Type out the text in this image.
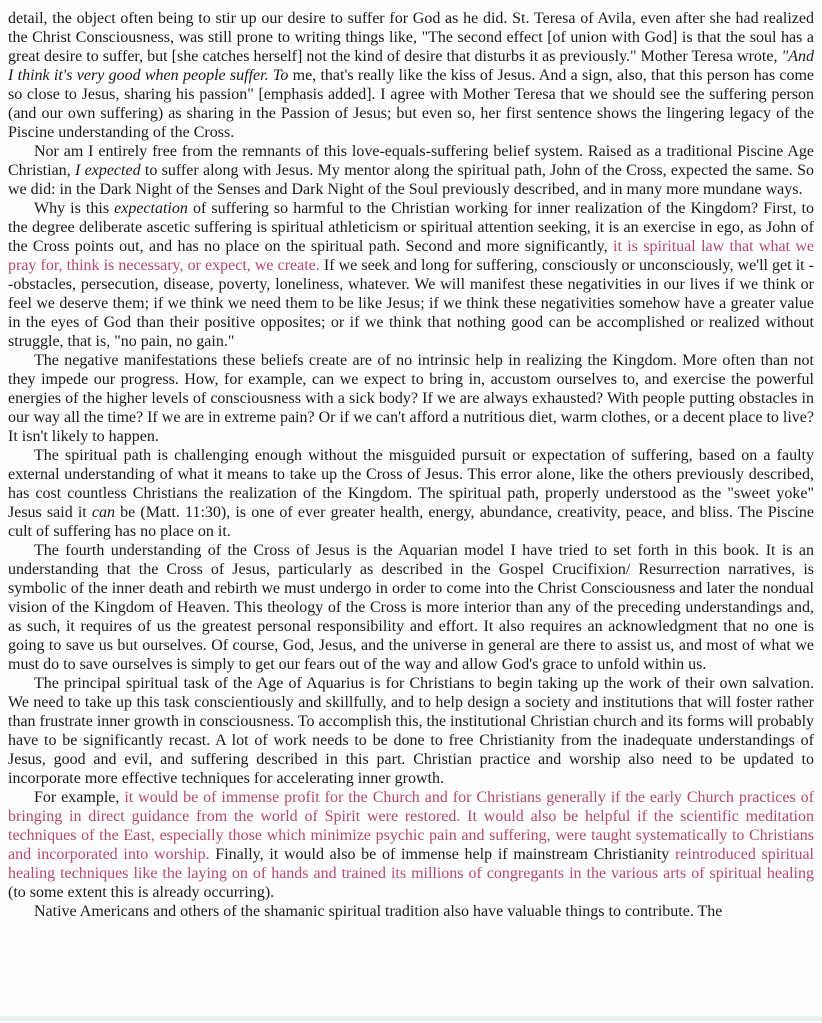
detail, the object often being to stir up our desire to suffer for God as he did. St. Teresa of Avila, even after she had realized the Christ Consciousness, was still prone to writing things like, "The second effect [of union with God] is that the soul has a great desire to suffer, but [she catches herself] not the kind of desire that disturbs it as previously." Mother Teresa wrote, "And I think it's very good when people suffer. To me, that's really like the kiss of Jesus. And a sign, also, that this person has come so close to Jesus, sharing his passion" [emphasis added]. I agree with Mother Teresa that we should see the suffering person (and our own suffering) as sharing in the Passion of Jesus; but even so, her first sentence shows the lingering legacy of the Piscine understanding of the Cross.

Nor am I entirely free from the remnants of this love-equals-suffering belief system. Raised as a traditional Piscine Age Christian, I expected to suffer along with Jesus. My mentor along the spiritual path, John of the Cross, expected the same. So we did: in the Dark Night of the Senses and Dark Night of the Soul previously described, and in many more mundane ways.

Why is this expectation of suffering so harmful to the Christian working for inner realization of the Kingdom? First, to the degree deliberate ascetic suffering is spiritual athleticism or spiritual attention seeking, it is an exercise in ego, as John of the Cross points out, and has no place on the spiritual path. Second and more significantly, it is spiritual law that what we pray for, think is necessary, or expect, we create. If we seek and long for suffering, consciously or unconsciously, we'll get it --obstacles, persecution, disease, poverty, loneliness, whatever. We will manifest these negativities in our lives if we think or feel we deserve them; if we think we need them to be like Jesus; if we think these negativities somehow have a greater value in the eyes of God than their positive opposites; or if we think that nothing good can be accomplished or realized without struggle, that is, "no pain, no gain."

The negative manifestations these beliefs create are of no intrinsic help in realizing the Kingdom. More often than not they impede our progress. How, for example, can we expect to bring in, accustom ourselves to, and exercise the powerful energies of the higher levels of consciousness with a sick body? If we are always exhausted? With people putting obstacles in our way all the time? If we are in extreme pain? Or if we can't afford a nutritious diet, warm clothes, or a decent place to live? It isn't likely to happen.

The spiritual path is challenging enough without the misguided pursuit or expectation of suffering, based on a faulty external understanding of what it means to take up the Cross of Jesus. This error alone, like the others previously described, has cost countless Christians the realization of the Kingdom. The spiritual path, properly understood as the "sweet yoke" Jesus said it can be (Matt. 11:30), is one of ever greater health, energy, abundance, creativity, peace, and bliss. The Piscine cult of suffering has no place on it.

The fourth understanding of the Cross of Jesus is the Aquarian model I have tried to set forth in this book. It is an understanding that the Cross of Jesus, particularly as described in the Gospel Crucifixion/ Resurrection narratives, is symbolic of the inner death and rebirth we must undergo in order to come into the Christ Consciousness and later the nondual vision of the Kingdom of Heaven. This theology of the Cross is more interior than any of the preceding understandings and, as such, it requires of us the greatest personal responsibility and effort. It also requires an acknowledgment that no one is going to save us but ourselves. Of course, God, Jesus, and the universe in general are there to assist us, and most of what we must do to save ourselves is simply to get our fears out of the way and allow God's grace to unfold within us.

The principal spiritual task of the Age of Aquarius is for Christians to begin taking up the work of their own salvation. We need to take up this task conscientiously and skillfully, and to help design a society and institutions that will foster rather than frustrate inner growth in consciousness. To accomplish this, the institutional Christian church and its forms will probably have to be significantly recast. A lot of work needs to be done to free Christianity from the inadequate understandings of Jesus, good and evil, and suffering described in this part. Christian practice and worship also need to be updated to incorporate more effective techniques for accelerating inner growth.

For example, it would be of immense profit for the Church and for Christians generally if the early Church practices of bringing in direct guidance from the world of Spirit were restored. It would also be helpful if the scientific meditation techniques of the East, especially those which minimize psychic pain and suffering, were taught systematically to Christians and incorporated into worship. Finally, it would also be of immense help if mainstream Christianity reintroduced spiritual healing techniques like the laying on of hands and trained its millions of congregants in the various arts of spiritual healing (to some extent this is already occurring).

Native Americans and others of the shamanic spiritual tradition also have valuable things to contribute. The
